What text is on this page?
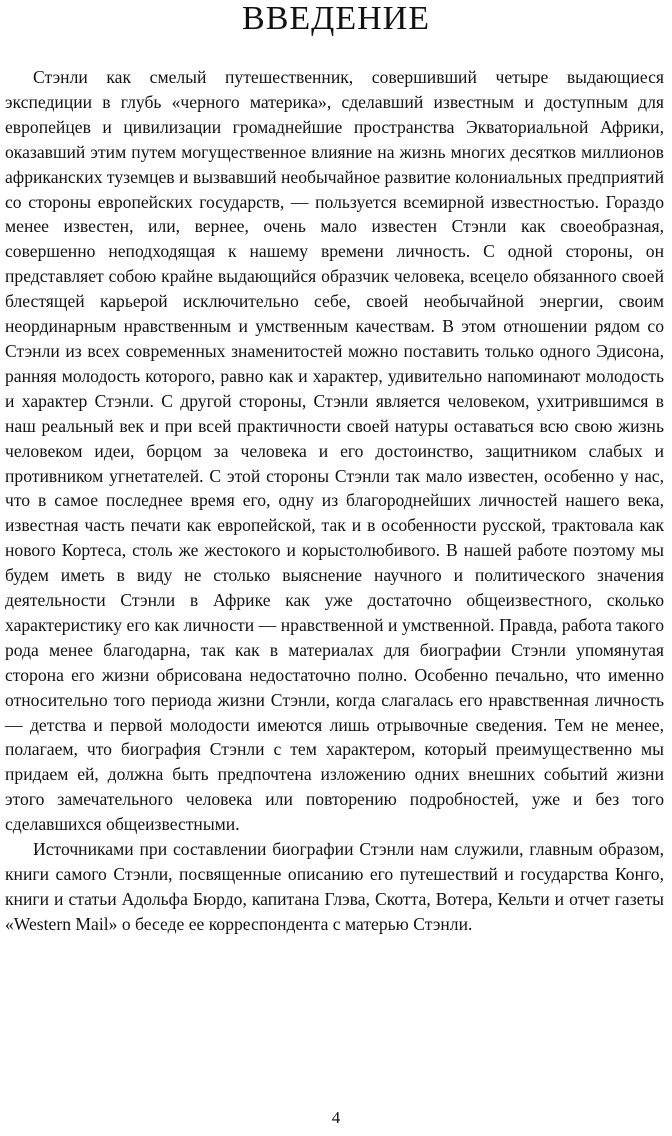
ВВЕДЕНИЕ

Стэнли как смелый путешественник, совершивший четыре выдающиеся экспедиции в глубь «черного материка», сделавший известным и доступным для европейцев и цивилизации громаднейшие пространства Экваториальной Африки, оказавший этим путем могущественное влияние на жизнь многих десятков миллионов африканских туземцев и вызвавший необычайное развитие колониальных предприятий со стороны европейских государств, — пользуется всемирной известностью. Гораздо менее известен, или, вернее, очень мало известен Стэнли как своеобразная, совершенно неподходящая к нашему времени личность. С одной стороны, он представляет собою крайне выдающийся образчик человека, всецело обязанного своей блестящей карьерой исключительно себе, своей необычайной энергии, своим неординарным нравственным и умственным качествам. В этом отношении рядом со Стэнли из всех современных знаменитостей можно поставить только одного Эдисона, ранняя молодость которого, равно как и характер, удивительно напоминают молодость и характер Стэнли. С другой стороны, Стэнли является человеком, ухитрившимся в наш реальный век и при всей практичности своей натуры оставаться всю свою жизнь человеком идеи, борцом за человека и его достоинство, защитником слабых и противником угнетателей. С этой стороны Стэнли так мало известен, особенно у нас, что в самое последнее время его, одну из благороднейших личностей нашего века, известная часть печати как европейской, так и в особенности русской, трактовала как нового Кортеса, столь же жестокого и корыстолюбивого. В нашей работе поэтому мы будем иметь в виду не столько выяснение научного и политического значения деятельности Стэнли в Африке как уже достаточно общеизвестного, сколько характеристику его как личности — нравственной и умственной. Правда, работа такого рода менее благодарна, так как в материалах для биографии Стэнли упомянутая сторона его жизни обрисована недостаточно полно. Особенно печально, что именно относительно того периода жизни Стэнли, когда слагалась его нравственная личность — детства и первой молодости имеются лишь отрывочные сведения. Тем не менее, полагаем, что биография Стэнли с тем характером, который преимущественно мы придаем ей, должна быть предпочтена изложению одних внешних событий жизни этого замечательного человека или повторению подробностей, уже и без того сделавшихся общеизвестными.

Источниками при составлении биографии Стэнли нам служили, главным образом, книги самого Стэнли, посвященные описанию его путешествий и государства Конго, книги и статьи Адольфа Бюрдо, капитана Глэва, Скотта, Вотера, Кельти и отчет газеты «Western Mail» о беседе ее корреспондента с матерью Стэнли.

4
